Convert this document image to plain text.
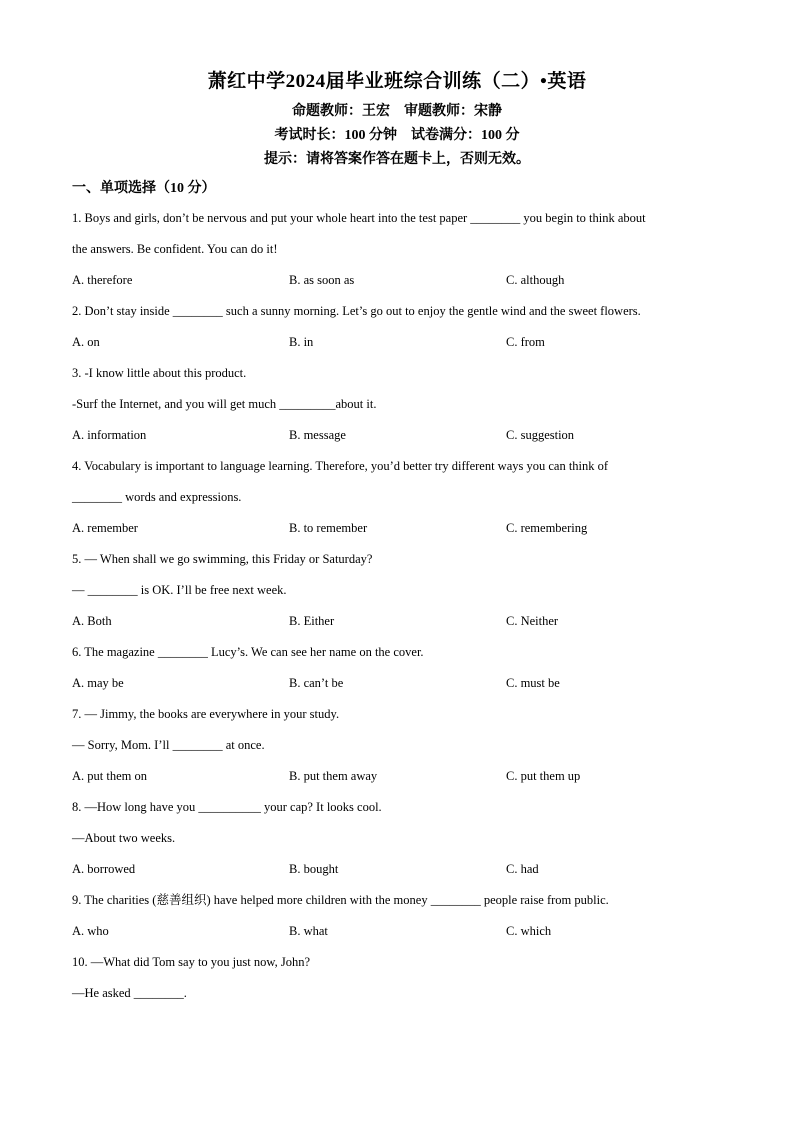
萧红中学2024届毕业班综合训练（二）•英语
命题教师：王宏 审题教师：宋静
考试时长：100 分钟 试卷满分：100 分
提示：请将答案作答在题卡上，否则无效。
一、单项选择（10 分）
1. Boys and girls, don’t be nervous and put your whole heart into the test paper ________ you begin to think about
the answers. Be confident. You can do it!
A. therefore	B. as soon as	C. although
2. Don’t stay inside ________ such a sunny morning. Let’s go out to enjoy the gentle wind and the sweet flowers.
A. on	B. in	C. from
3. -I know little about this product.
-Surf the Internet, and you will get much _________about it.
A. information	B. message	C. suggestion
4. Vocabulary is important to language learning. Therefore, you’d better try different ways you can think of
________ words and expressions.
A. remember	B. to remember	C. remembering
5. — When shall we go swimming, this Friday or Saturday?
— ________ is OK. I’ll be free next week.
A. Both	B. Either	C. Neither
6. The magazine ________ Lucy’s. We can see her name on the cover.
A. may be	B. can’t be	C. must be
7. — Jimmy, the books are everywhere in your study.
— Sorry, Mom. I’ll ________ at once.
A. put them on	B. put them away	C. put them up
8. —How long have you __________ your cap? It looks cool.
—About two weeks.
A. borrowed	B. bought	C. had
9. The charities (慈善组织) have helped more children with the money ________ people raise from public.
A. who	B. what	C. which
10. —What did Tom say to you just now, John?
—He asked ________.
